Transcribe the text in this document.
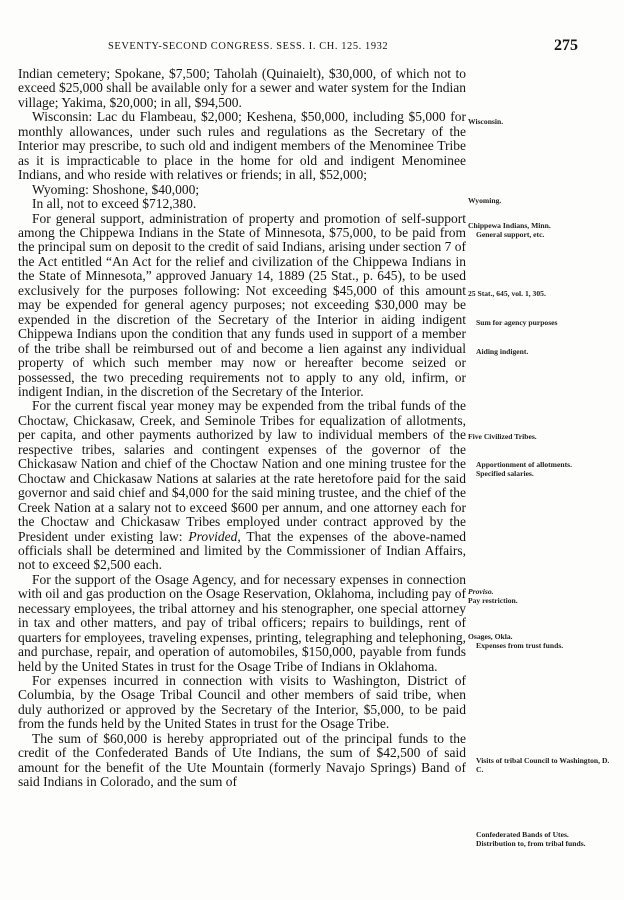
SEVENTY-SECOND CONGRESS. SESS. I. CH. 125. 1932	275

Indian cemetery; Spokane, $7,500; Taholah (Quinaielt), $30,000, of which not to exceed $25,000 shall be available only for a sewer and water system for the Indian village; Yakima, $20,000; in all, $94,500.

Wisconsin: Lac du Flambeau, $2,000; Keshena, $50,000, including $5,000 for monthly allowances, under such rules and regulations as the Secretary of the Interior may prescribe, to such old and indigent members of the Menominee Tribe as it is impracticable to place in the home for old and indigent Menominee Indians, and who reside with relatives or friends; in all, $52,000;

Wyoming: Shoshone, $40,000;

In all, not to exceed $712,380.

For general support, administration of property and promotion of self-support among the Chippewa Indians in the State of Minnesota, $75,000, to be paid from the principal sum on deposit to the credit of said Indians, arising under section 7 of the Act entitled “An Act for the relief and civilization of the Chippewa Indians in the State of Minnesota,” approved January 14, 1889 (25 Stat., p. 645), to be used exclusively for the purposes following: Not exceeding $45,000 of this amount may be expended for general agency purposes; not exceeding $30,000 may be expended in the discretion of the Secretary of the Interior in aiding indigent Chippewa Indians upon the condition that any funds used in support of a member of the tribe shall be reimbursed out of and become a lien against any individual property of which such member may now or hereafter become seized or possessed, the two preceding requirements not to apply to any old, infirm, or indigent Indian, in the discretion of the Secretary of the Interior.

For the current fiscal year money may be expended from the tribal funds of the Choctaw, Chickasaw, Creek, and Seminole Tribes for equalization of allotments, per capita, and other payments authorized by law to individual members of the respective tribes, salaries and contingent expenses of the governor of the Chickasaw Nation and chief of the Choctaw Nation and one mining trustee for the Choctaw and Chickasaw Nations at salaries at the rate heretofore paid for the said governor and said chief and $4,000 for the said mining trustee, and the chief of the Creek Nation at a salary not to exceed $600 per annum, and one attorney each for the Choctaw and Chickasaw Tribes employed under contract approved by the President under existing law: Provided, That the expenses of the above-named officials shall be determined and limited by the Commissioner of Indian Affairs, not to exceed $2,500 each.

For the support of the Osage Agency, and for necessary expenses in connection with oil and gas production on the Osage Reservation, Oklahoma, including pay of necessary employees, the tribal attorney and his stenographer, one special attorney in tax and other matters, and pay of tribal officers; repairs to buildings, rent of quarters for employees, traveling expenses, printing, telegraphing and telephoning, and purchase, repair, and operation of automobiles, $150,000, payable from funds held by the United States in trust for the Osage Tribe of Indians in Oklahoma.

For expenses incurred in connection with visits to Washington, District of Columbia, by the Osage Tribal Council and other members of said tribe, when duly authorized or approved by the Secretary of the Interior, $5,000, to be paid from the funds held by the United States in trust for the Osage Tribe.

The sum of $60,000 is hereby appropriated out of the principal funds to the credit of the Confederated Bands of Ute Indians, the sum of $42,500 of said amount for the benefit of the Ute Mountain (formerly Navajo Springs) Band of said Indians in Colorado, and the sum of

Wisconsin.
Wyoming.
Chippewa Indians, Minn.
General support, etc.
25 Stat., 645, vol. 1, 305.
Sum for agency purposes
Aiding indigent.
Five Civilized Tribes.
Apportionment of allotments.
Specified salaries.
Proviso.
Pay restriction.
Osages, Okla.
Expenses from trust funds.
Visits of tribal Council to Washington, D. C.
Confederated Bands of Utes.
Distribution to, from tribal funds.
